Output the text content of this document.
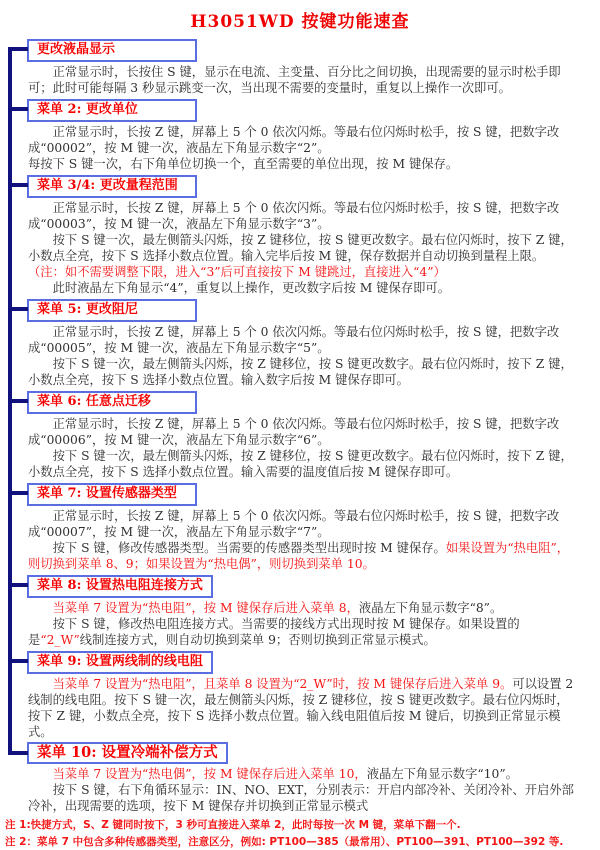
H3051WD 按键功能速查
更改液晶显示

正常显示时，长按住 S 键，显示在电流、主变量、百分比之间切换，出现需要的显示时松手即可；此时可能每隔 3 秒显示跳变一次，当出现不需要的变量时，重复以上操作一次即可。

菜单 2: 更改单位

正常显示时，长按 Z 键，屏幕上 5 个 0 依次闪烁。等最右位闪烁时松手，按 S 键，把数字改成“00002”，按 M 键一次，液晶左下角显示数字“2”。

每按下 S 键一次，右下角单位切换一个，直至需要的单位出现，按 M 键保存。

菜单 3/4: 更改量程范围

正常显示时，长按 Z 键，屏幕上 5 个 0 依次闪烁。等最右位闪烁时松手，按 S 键，把数字改成“00003”，按 M 键一次，液晶左下角显示数字“3”。

按下 S 键一次，最左侧箭头闪烁，按 Z 键移位，按 S 键更改数字。最右位闪烁时，按下 Z 键，小数点全亮，按下 S 选择小数点位置。输入完毕后按 M 键，保存数据并自动切换到量程上限。（注：如不需要调整下限，进入“3”后可直接按下 M 键跳过，直接进入“4”）

此时液晶左下角显示“4”，重复以上操作，更改数字后按 M 键保存即可。

菜单 5: 更改阻尼

正常显示时，长按 Z 键，屏幕上 5 个 0 依次闪烁。等最右位闪烁时松手，按 S 键，把数字改成“00005”，按 M 键一次，液晶左下角显示数字“5”。

按下 S 键一次，最左侧箭头闪烁，按 Z 键移位，按 S 键更改数字。最右位闪烁时，按下 Z 键，小数点全亮，按下 S 选择小数点位置。输入数字后按 M 键保存即可。

菜单 6: 任意点迁移

正常显示时，长按 Z 键，屏幕上 5 个 0 依次闪烁。等最右位闪烁时松手，按 S 键，把数字改成“00006”，按 M 键一次，液晶左下角显示数字“6”。

按下 S 键一次，最左侧箭头闪烁，按 Z 键移位，按 S 键更改数字。最右位闪烁时，按下 Z 键，小数点全亮，按下 S 选择小数点位置。输入需要的温度值后按 M 键保存即可。

菜单 7: 设置传感器类型

正常显示时，长按 Z 键，屏幕上 5 个 0 依次闪烁。等最右位闪烁时松手，按 S 键，把数字改成“00007”，按 M 键一次，液晶左下角显示数字“7”。

按下 S 键，修改传感器类型。当需要的传感器类型出现时按 M 键保存。如果设置为“热电阻”，则切换到菜单 8、9；如果设置为“热电偶”，则切换到菜单 10。

菜单 8: 设置热电阻连接方式

当菜单 7 设置为“热电阻”，按 M 键保存后进入菜单 8，液晶左下角显示数字“8”。

按下 S 键，修改热电阻连接方式。当需要的接线方式出现时按 M 键保存。如果设置的是“2_W”线制连接方式，则自动切换到菜单 9；否则切换到正常显示模式。

菜单 9: 设置两线制的线电阻

当菜单 7 设置为“热电阻”，且菜单 8 设置为“2_W”时，按 M 键保存后进入菜单 9。可以设置 2 线制的线电阻。按下 S 键一次，最左侧箭头闪烁，按 Z 键移位，按 S 键更改数字。最右位闪烁时，按下 Z 键，小数点全亮，按下 S 选择小数点位置。输入线电阻值后按 M 键后，切换到正常显示模式。

菜单 10: 设置冷端补偿方式

当菜单 7 设置为“热电偶”，按 M 键保存后进入菜单 10，液晶左下角显示数字“10”。

按下 S 键，右下角循环显示：IN、NO、EXT，分别表示：开启内部冷补、关闭冷补、开启外部冷补，出现需要的选项，按下 M 键保存并切换到正常显示模式

注 1:快捷方式，S、Z 键同时按下，3 秒可直接进入菜单 2，此时每按一次 M 键，菜单下翻一个.

注 2：菜单 7 中包含多种传感器类型，注意区分，例如: PT100—385（最常用）、PT100—391、PT100—392 等.
